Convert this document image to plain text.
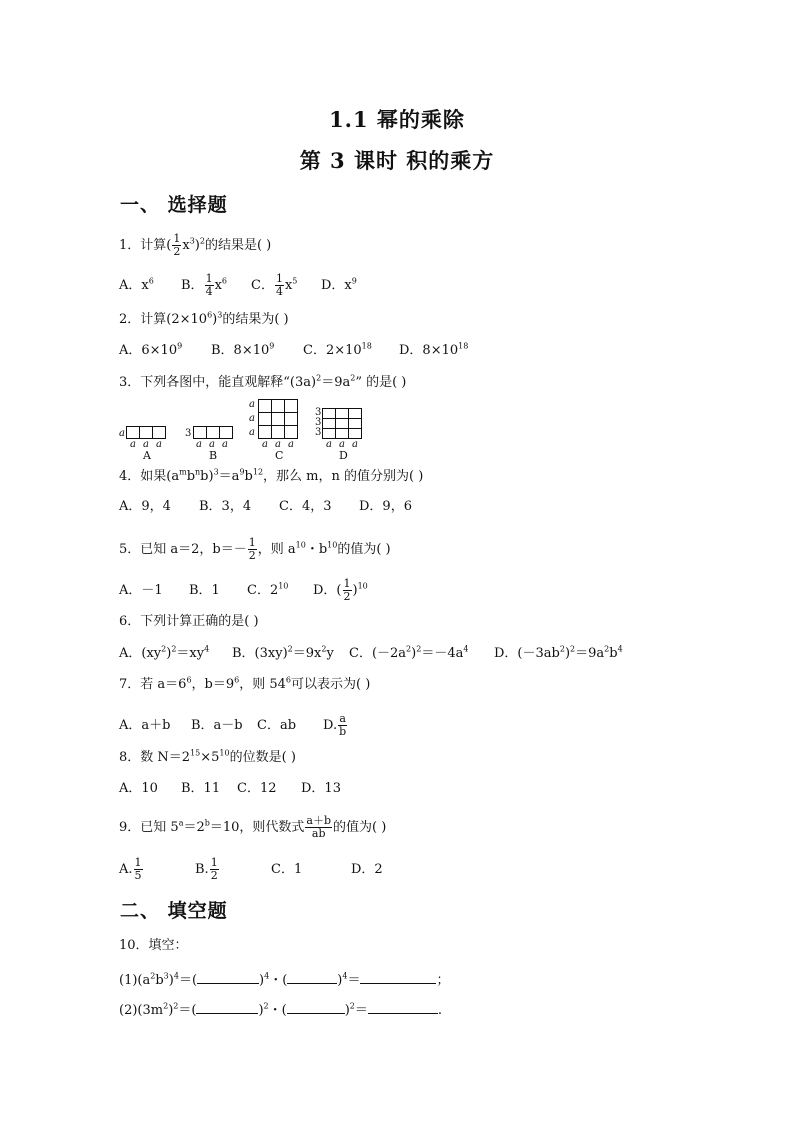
1.1 幂的乘除
第 3 课时 积的乘方
一、 选择题
1．计算( $\frac{1}{2} x^3)^2$的结果是( )
A．$x^6$ B． $\frac{1}{4} x^6$ C． $\frac{1}{4} x^5$ D．$x^9$
2．计算$(2\times 10^6)^3$的结果为( )
A．$6\times 10^9$ B．$8\times 10^9$ C．$2\times 10^{18}$ D．$8\times 10^{18}$
3．下列各图中，能直观解释“$(3a)^2=9a^2$” 的是( )
a
a a a
A
3
a a a
B
a
a
a
a a a
C
3
3
3
a a a
D
4．如果$(a^mb^nb)^3=a^9b^{12}$，那么 m，n 的值分别为( )
A．9，4 B．3，4 C．4，3 D．9，6
5．已知 a＝2，$b=- \frac{1}{2}$ ，则 $a^{10}$・$b^{10}$的值为( )
A．－1 B．1 C．$2^{10}$ D．( $\frac{1}{2} )^{10}$
6．下列计算正确的是( )
A．$(xy^2)^2=xy^4$ B．$(3xy)^2=9x^2y$ C．$(-2a^2)^2=-4a^4$ D．$(-3ab^2)^2=9a^2b^4$
7．若 $a=6^6$，$b=9^6$，则 $54^6$可以表示为( )
A．a＋b B．a－b C．ab D. $\frac{a}{b}$
8．数 $N=2^{15}\times 5^{10}$的位数是( )
A．10 B．11 C．12 D．13
9．已知 $5^a=2^b=10$，则代数式 $\frac{a+b}{ab}$ 的值为( )
A. $\frac{1}{5}$	B. $\frac{1}{2}$	C．1	D．2
二、 填空题
10．填空：
$(1)(a^2b^3)^4=$(	)$^4$・(	)$^4$＝	；
$(2)(3m^2)^2=$(	)$^2$・(	)$^2$＝	.
